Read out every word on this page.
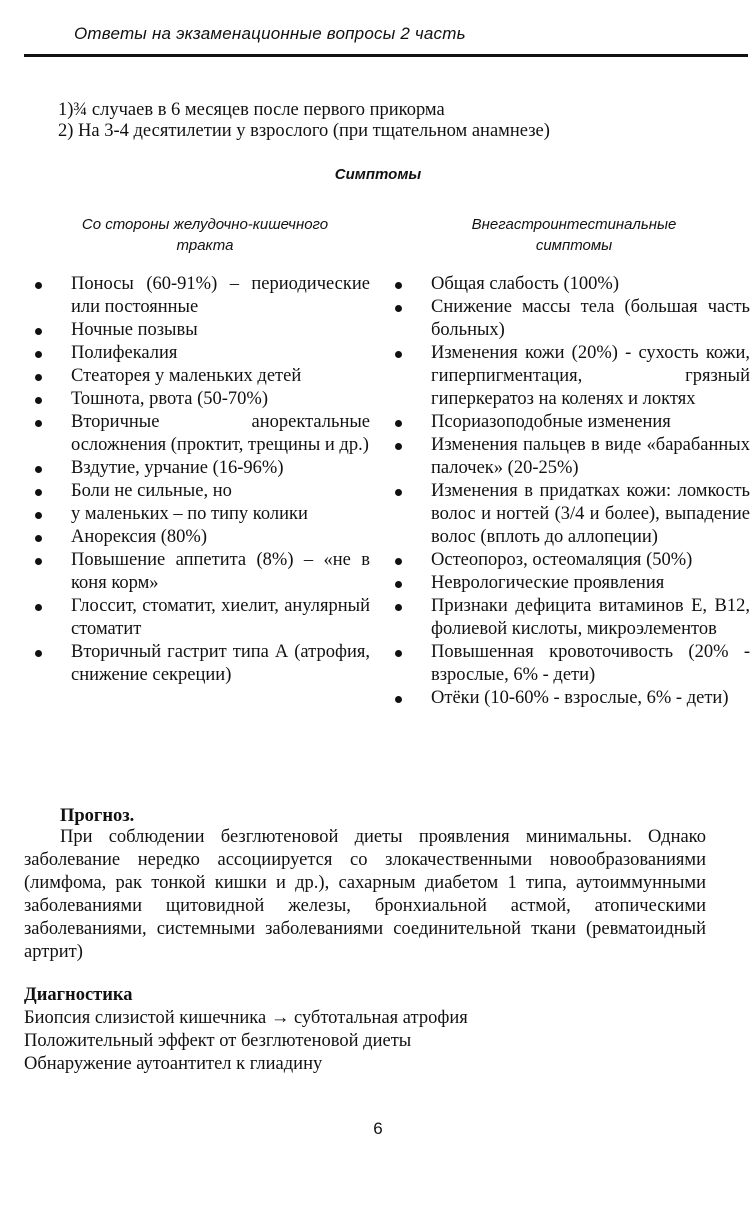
Ответы на экзаменационные вопросы 2 часть
1)¾ случаев в 6 месяцев после первого прикорма
2) На 3-4 десятилетии у взрослого (при тщательном анамнезе)
Симптомы
Со стороны желудочно-кишечного
тракта
Внегастроинтестинальные
симптомы
Поносы (60-91%) – периодические или постоянные
Ночные позывы
Полифекалия
Стеаторея у маленьких детей
Тошнота, рвота (50-70%)
Вторичные аноректальные осложнения (проктит, трещины и др.)
Вздутие, урчание (16-96%)
Боли не сильные, но
у маленьких – по типу колики
Анорексия (80%)
Повышение аппетита (8%) – «не в коня корм»
Глоссит, стоматит, хиелит, анулярный стоматит
Вторичный гастрит типа А (атрофия, снижение секреции)
Общая слабость (100%)
Снижение массы тела (большая часть больных)
Изменения кожи (20%) - сухость кожи, гиперпигментация, грязный гиперкератоз на коленях и локтях
Псориазоподобные изменения
Изменения пальцев в виде «барабанных палочек» (20-25%)
Изменения в придатках кожи: ломкость волос и ногтей (3/4 и более), выпадение волос (вплоть до аллопеции)
Остеопороз, остеомаляция (50%)
Неврологические проявления
Признаки дефицита витаминов Е, В12, фолиевой кислоты, микроэлементов
Повышенная кровоточивость (20% - взрослые, 6% - дети)
Отёки (10-60% - взрослые, 6% - дети)
Прогноз.
При соблюдении безглютеновой диеты проявления минимальны. Однако заболевание нередко ассоциируется со злокачественными новообразованиями (лимфома, рак тонкой кишки и др.), сахарным диабетом 1 типа, аутоиммунными заболеваниями щитовидной железы, бронхиальной астмой, атопическими заболеваниями, системными заболеваниями соединительной ткани (ревматоидный артрит)
Диагностика
Биопсия слизистой кишечника → субтотальная атрофия
Положительный эффект от безглютеновой диеты
Обнаружение аутоантител к глиадину
6
